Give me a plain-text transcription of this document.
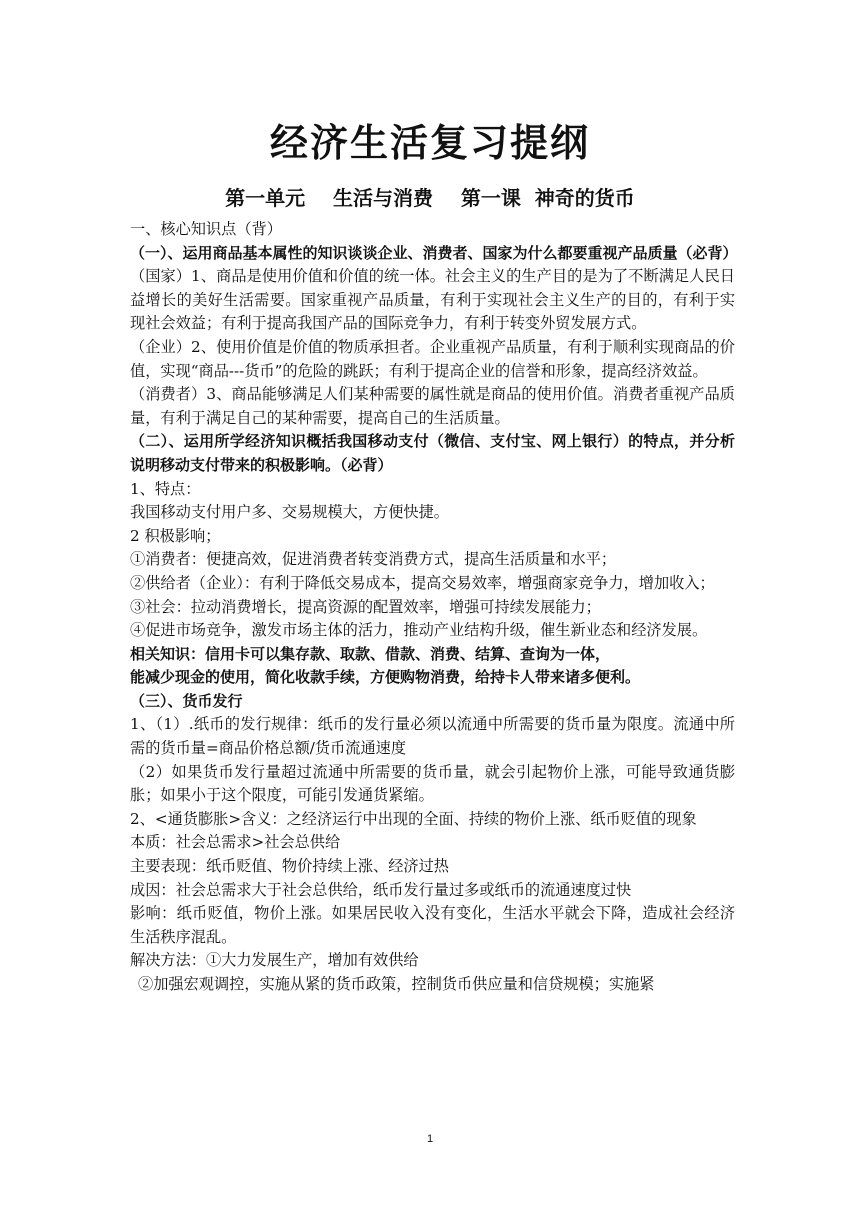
经济生活复习提纲
第一单元    生活与消费    第一课  神奇的货币

一、核心知识点（背）

（一）、运用商品基本属性的知识谈谈企业、消费者、国家为什么都要重视产品质量（必背）

（国家）1、商品是使用价值和价值的统一体。社会主义的生产目的是为了不断满足人民日益增长的美好生活需要。国家重视产品质量，有利于实现社会主义生产的目的，有利于实现社会效益；有利于提高我国产品的国际竞争力，有利于转变外贸发展方式。

（企业）2、使用价值是价值的物质承担者。企业重视产品质量，有利于顺利实现商品的价值，实现“商品---货币”的危险的跳跃；有利于提高企业的信誉和形象，提高经济效益。

（消费者）3、商品能够满足人们某种需要的属性就是商品的使用价值。消费者重视产品质量，有利于满足自己的某种需要，提高自己的生活质量。

（二）、运用所学经济知识概括我国移动支付（微信、支付宝、网上银行）的特点，并分析说明移动支付带来的积极影响。（必背）

1、特点：

我国移动支付用户多、交易规模大，方便快捷。

2 积极影响；

①消费者：便捷高效，促进消费者转变消费方式，提高生活质量和水平；

②供给者（企业）：有利于降低交易成本，提高交易效率，增强商家竞争力，增加收入；

③社会：拉动消费增长，提高资源的配置效率，增强可持续发展能力；

④促进市场竞争，激发市场主体的活力，推动产业结构升级，催生新业态和经济发展。

相关知识：信用卡可以集存款、取款、借款、消费、结算、查询为一体，

能减少现金的使用，简化收款手续，方便购物消费，给持卡人带来诸多便利。

（三）、货币发行

1、（1）.纸币的发行规律：纸币的发行量必须以流通中所需要的货币量为限度。流通中所需的货币量=商品价格总额/货币流通速度

（2）如果货币发行量超过流通中所需要的货币量，就会引起物价上涨，可能导致通货膨胀；如果小于这个限度，可能引发通货紧缩。

2、<通货膨胀>含义：之经济运行中出现的全面、持续的物价上涨、纸币贬值的现象

本质：社会总需求>社会总供给

主要表现：纸币贬值、物价持续上涨、经济过热

成因：社会总需求大于社会总供给，纸币发行量过多或纸币的流通速度过快

影响：纸币贬值，物价上涨。如果居民收入没有变化，生活水平就会下降，造成社会经济生活秩序混乱。

解决方法：①大力发展生产，增加有效供给

②加强宏观调控，实施从紧的货币政策，控制货币供应量和信贷规模；实施紧

1
